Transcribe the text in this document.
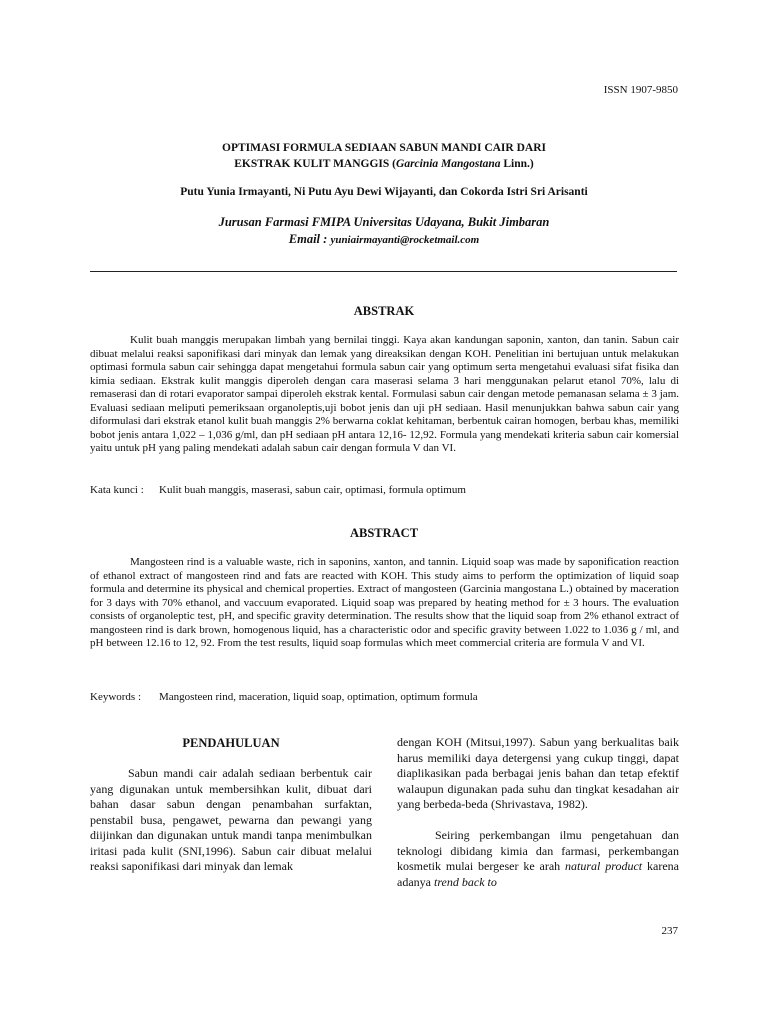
ISSN 1907-9850
OPTIMASI FORMULA SEDIAAN SABUN MANDI CAIR DARI
EKSTRAK KULIT MANGGIS (Garcinia Mangostana Linn.)
Putu Yunia Irmayanti, Ni Putu Ayu Dewi Wijayanti, dan Cokorda Istri Sri Arisanti
Jurusan Farmasi FMIPA Universitas Udayana, Bukit Jimbaran
Email : yuniairmayanti@rocketmail.com
ABSTRAK

Kulit buah manggis merupakan limbah yang bernilai tinggi. Kaya akan kandungan saponin, xanton, dan tanin. Sabun cair dibuat melalui reaksi saponifikasi dari minyak dan lemak yang direaksikan dengan KOH. Penelitian ini bertujuan untuk melakukan optimasi formula sabun cair sehingga dapat mengetahui formula sabun cair yang optimum serta mengetahui evaluasi sifat fisika dan kimia sediaan. Ekstrak kulit manggis diperoleh dengan cara maserasi selama 3 hari menggunakan pelarut etanol 70%, lalu di remaserasi dan di rotari evaporator sampai diperoleh ekstrak kental. Formulasi sabun cair dengan metode pemanasan selama ± 3 jam. Evaluasi sediaan meliputi pemeriksaan organoleptis,uji bobot jenis dan uji pH sediaan. Hasil menunjukkan bahwa sabun cair yang diformulasi dari ekstrak etanol kulit buah manggis 2% berwarna coklat kehitaman, berbentuk cairan homogen, berbau khas, memiliki bobot jenis antara 1,022 – 1,036 g/ml, dan pH sediaan pH antara 12,16- 12,92. Formula yang mendekati kriteria sabun cair komersial yaitu untuk pH yang paling mendekati adalah sabun cair dengan formula V dan VI.

Kata kunci : Kulit buah manggis, maserasi, sabun cair, optimasi, formula optimum
ABSTRACT

Mangosteen rind is a valuable waste, rich in saponins, xanton, and tannin. Liquid soap was made by saponification reaction of ethanol extract of mangosteen rind and fats are reacted with KOH. This study aims to perform the optimization of liquid soap formula and determine its physical and chemical properties. Extract of mangosteen (Garcinia mangostana L.) obtained by maceration for 3 days with 70% ethanol, and vaccuum evaporated. Liquid soap was prepared by heating method for ± 3 hours. The evaluation consists of organoleptic test, pH, and specific gravity determination. The results show that the liquid soap from 2% ethanol extract of mangosteen rind is dark brown, homogenous liquid, has a characteristic odor and specific gravity between 1.022 to 1.036 g / ml, and pH between 12.16 to 12, 92. From the test results, liquid soap formulas which meet commercial criteria are formula V and VI.

Keywords : Mangosteen rind, maceration, liquid soap, optimation, optimum formula
PENDAHULUAN

Sabun mandi cair adalah sediaan berbentuk cair yang digunakan untuk membersihkan kulit, dibuat dari bahan dasar sabun dengan penambahan surfaktan, penstabil busa, pengawet, pewarna dan pewangi yang diijinkan dan digunakan untuk mandi tanpa menimbulkan iritasi pada kulit (SNI,1996). Sabun cair dibuat melalui reaksi saponifikasi dari minyak dan lemak

dengan KOH (Mitsui,1997). Sabun yang berkualitas baik harus memiliki daya detergensi yang cukup tinggi, dapat diaplikasikan pada berbagai jenis bahan dan tetap efektif walaupun digunakan pada suhu dan tingkat kesadahan air yang berbeda-beda (Shrivastava, 1982).

Seiring perkembangan ilmu pengetahuan dan teknologi dibidang kimia dan farmasi, perkembangan kosmetik mulai bergeser ke arah natural product karena adanya trend back to

237
